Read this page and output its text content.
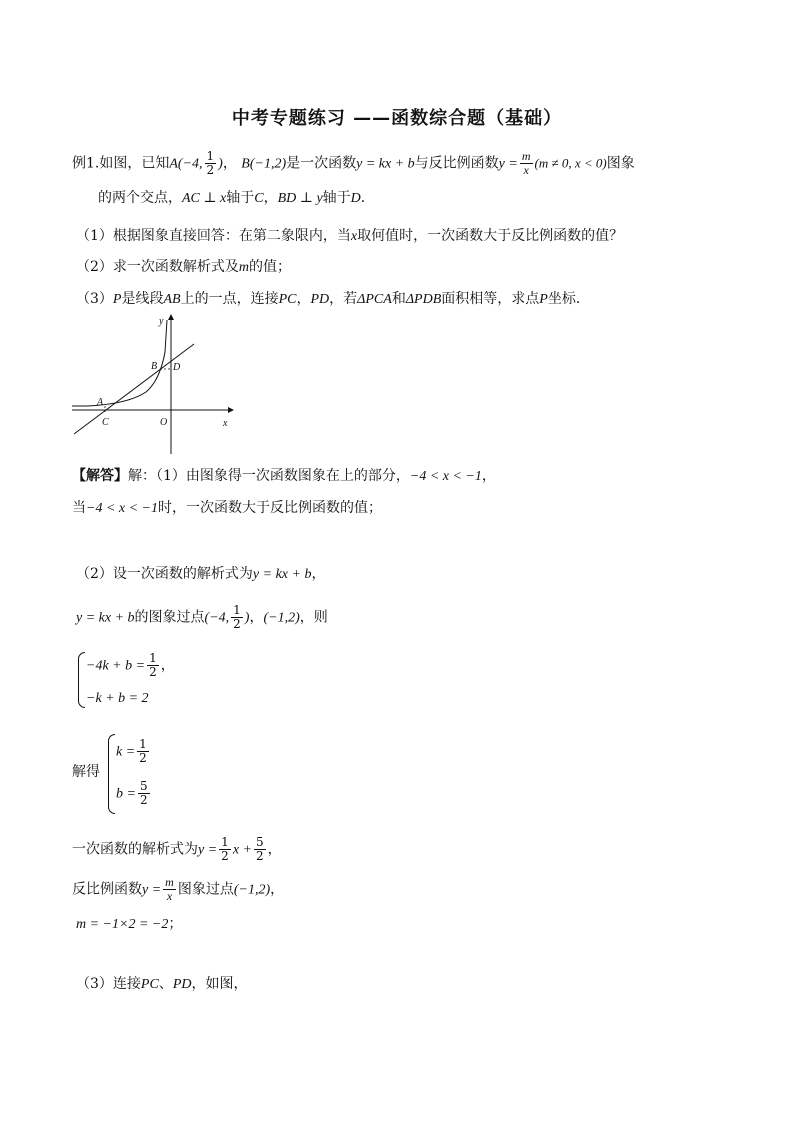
中考专题练习 ——函数综合题（基础）
例1.如图，已知A(−4, $\frac{1}{2}$ )， B(−1,2)是一次函数y = kx + b与反比例函数$y = \frac{m}{x} (m \ne 0$, x < 0)图象
的两个交点，AC ⊥ x轴于C，BD ⊥ y轴于D．
（1）根据图象直接回答：在第二象限内，当x取何值时，一次函数大于反比例函数的值？
（2）求一次函数解析式及m的值；
（3）P是线段AB上的一点，连接PC，PD，若ΔPCA和ΔPDB面积相等，求点P坐标．
y
x
A
B
C
D
O
【解答】解：（1）由图象得一次函数图象在上的部分，−4 < x < −1，
当−4 < x < −1时，一次函数大于反比例函数的值；
（2）设一次函数的解析式为y = kx + b，
y = kx + b的图象过点(−4, $\frac{1}{2}$ )，(−1,2)，则
$-4k + b = \frac{1}{2}$ ，
−k + b = 2
解得
$k = \frac{1}{2}$
$b = \frac{5}{2}$
一次函数的解析式为$y = \frac{1}{2}$ $x + \frac{5}{2}$ ，
反比例函数$y = \frac{m}{x}$ 图象过点(−1,2)，
m = −1×2 = −2；
（3）连接PC、PD，如图，
